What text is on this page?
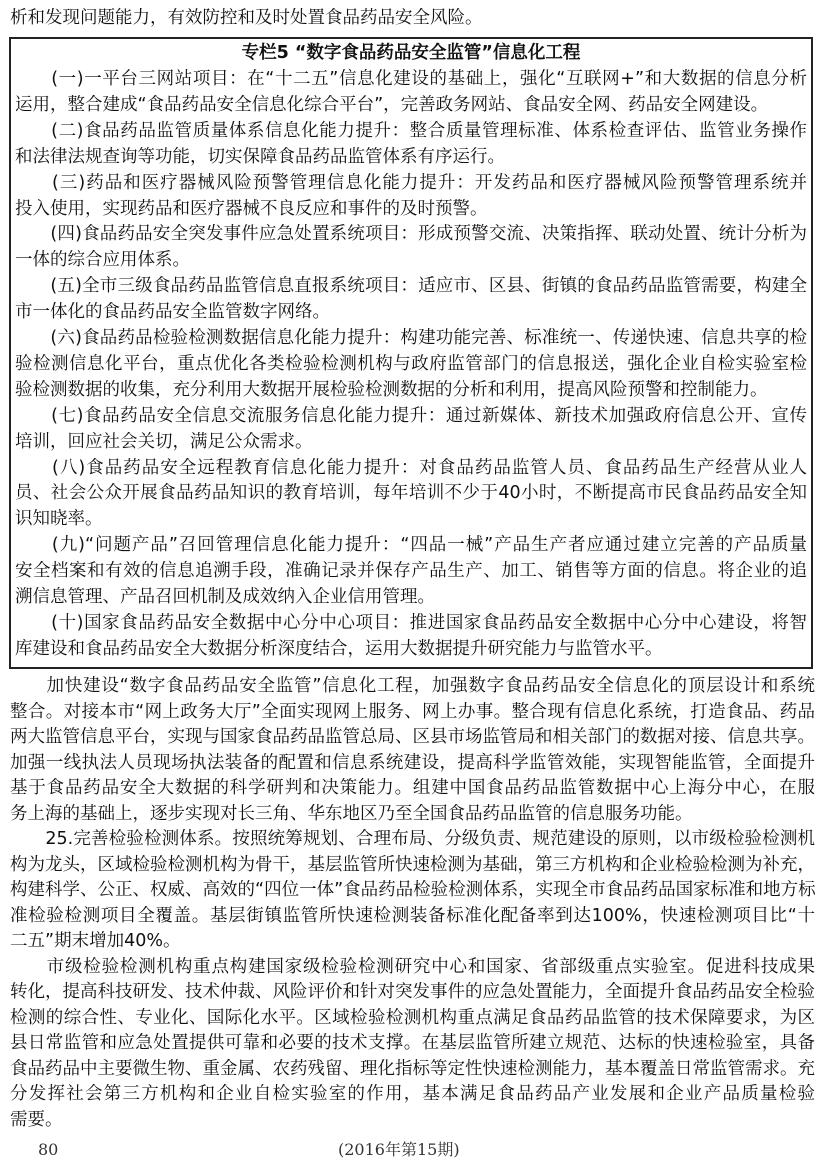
析和发现问题能力，有效防控和及时处置食品药品安全风险。
专栏5 “数字食品药品安全监管”信息化工程
　　(一)一平台三网站项目：在“十二五”信息化建设的基础上，强化“互联网+”和大数据的信息分析
运用，整合建成“食品药品安全信息化综合平台”，完善政务网站、食品安全网、药品安全网建设。
　　(二)食品药品监管质量体系信息化能力提升：整合质量管理标准、体系检查评估、监管业务操作
和法律法规查询等功能，切实保障食品药品监管体系有序运行。
　　(三)药品和医疗器械风险预警管理信息化能力提升：开发药品和医疗器械风险预警管理系统并
投入使用，实现药品和医疗器械不良反应和事件的及时预警。
　　(四)食品药品安全突发事件应急处置系统项目：形成预警交流、决策指挥、联动处置、统计分析为
一体的综合应用体系。
　　(五)全市三级食品药品监管信息直报系统项目：适应市、区县、街镇的食品药品监管需要，构建全
市一体化的食品药品安全监管数字网络。
　　(六)食品药品检验检测数据信息化能力提升：构建功能完善、标准统一、传递快速、信息共享的检
验检测信息化平台，重点优化各类检验检测机构与政府监管部门的信息报送，强化企业自检实验室检
验检测数据的收集，充分利用大数据开展检验检测数据的分析和利用，提高风险预警和控制能力。
　　(七)食品药品安全信息交流服务信息化能力提升：通过新媒体、新技术加强政府信息公开、宣传
培训，回应社会关切，满足公众需求。
　　(八)食品药品安全远程教育信息化能力提升：对食品药品监管人员、食品药品生产经营从业人
员、社会公众开展食品药品知识的教育培训，每年培训不少于40小时，不断提高市民食品药品安全知
识知晓率。
　　(九)“问题产品”召回管理信息化能力提升：“四品一械”产品生产者应通过建立完善的产品质量
安全档案和有效的信息追溯手段，准确记录并保存产品生产、加工、销售等方面的信息。将企业的追
溯信息管理、产品召回机制及成效纳入企业信用管理。
　　(十)国家食品药品安全数据中心分中心项目：推进国家食品药品安全数据中心分中心建设，将智
库建设和食品药品安全大数据分析深度结合，运用大数据提升研究能力与监管水平。
　　加快建设“数字食品药品安全监管”信息化工程，加强数字食品药品安全信息化的顶层设计和系统
整合。对接本市“网上政务大厅”全面实现网上服务、网上办事。整合现有信息化系统，打造食品、药品
两大监管信息平台，实现与国家食品药品监管总局、区县市场监管局和相关部门的数据对接、信息共享。
加强一线执法人员现场执法装备的配置和信息系统建设，提高科学监管效能，实现智能监管，全面提升
基于食品药品安全大数据的科学研判和决策能力。组建中国食品药品监管数据中心上海分中心，在服
务上海的基础上，逐步实现对长三角、华东地区乃至全国食品药品监管的信息服务功能。
　　25.完善检验检测体系。按照统筹规划、合理布局、分级负责、规范建设的原则，以市级检验检测机
构为龙头，区域检验检测机构为骨干，基层监管所快速检测为基础，第三方机构和企业检验检测为补充，
构建科学、公正、权威、高效的“四位一体”食品药品检验检测体系，实现全市食品药品国家标准和地方标
准检验检测项目全覆盖。基层街镇监管所快速检测装备标准化配备率到达100%，快速检测项目比“十
二五”期末增加40%。
　　市级检验检测机构重点构建国家级检验检测研究中心和国家、省部级重点实验室。促进科技成果
转化，提高科技研发、技术仲裁、风险评价和针对突发事件的应急处置能力，全面提升食品药品安全检验
检测的综合性、专业化、国际化水平。区域检验检测机构重点满足食品药品监管的技术保障要求，为区
县日常监管和应急处置提供可靠和必要的技术支撑。在基层监管所建立规范、达标的快速检验室，具备
食品药品中主要微生物、重金属、农药残留、理化指标等定性快速检测能力，基本覆盖日常监管需求。充
分发挥社会第三方机构和企业自检实验室的作用，基本满足食品药品产业发展和企业产品质量检验
需要。
80	(2016年第15期)
